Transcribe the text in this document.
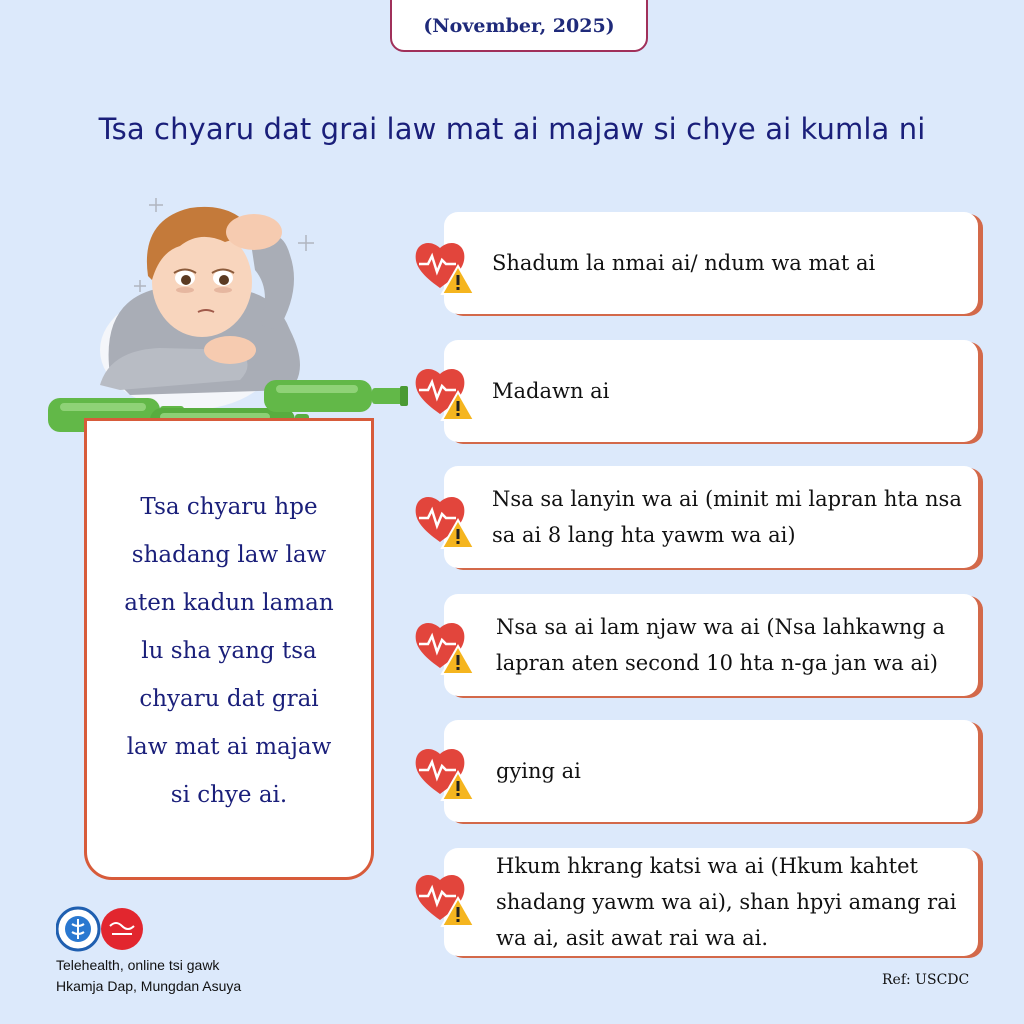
(November, 2025)
Tsa chyaru dat grai law mat ai majaw si chye ai kumla ni
Tsa chyaru hpe
shadang law law
aten kadun laman
lu sha yang tsa
chyaru dat grai
law mat ai majaw
si chye ai.
Shadum la nmai ai/ ndum wa mat ai
Madawn ai
Nsa sa lanyin wa ai (minit mi lapran hta nsa sa ai 8 lang hta yawm wa ai)
Nsa sa ai lam njaw wa ai (Nsa lahkawng a lapran aten second 10 hta n-ga jan wa ai)
gying ai
Hkum hkrang katsi wa ai (Hkum kahtet shadang yawm wa ai), shan hpyi amang rai wa ai, asit awat rai wa ai.
Telehealth, online tsi gawk
Hkamja Dap, Mungdan Asuya	Ref: USCDC
